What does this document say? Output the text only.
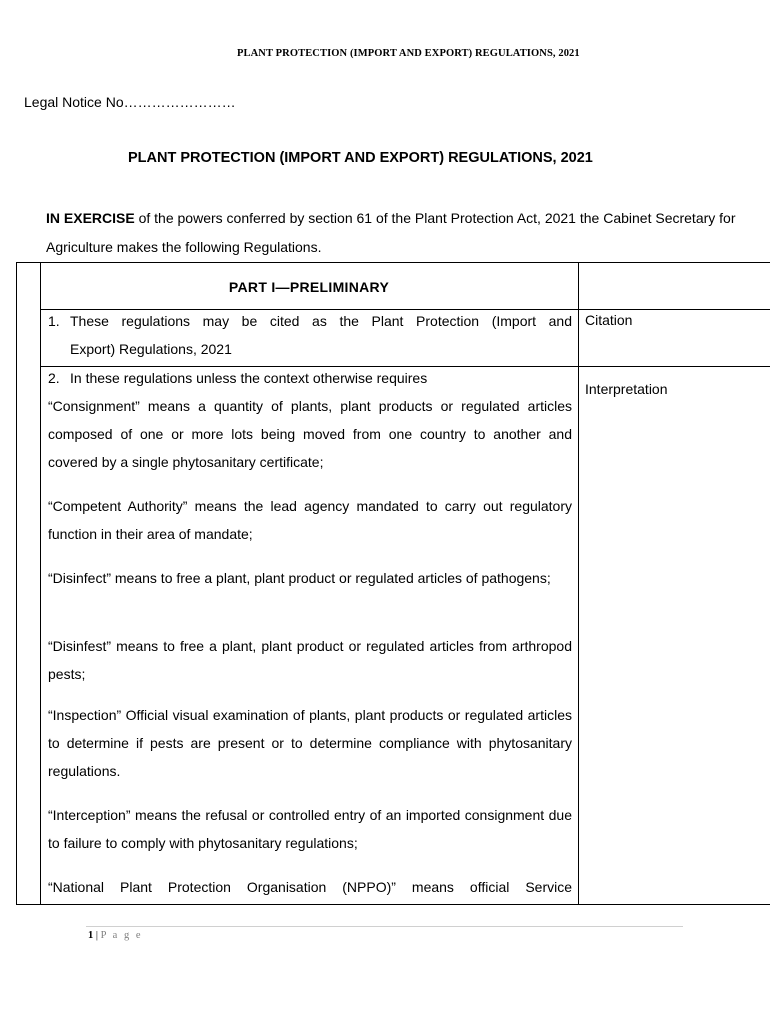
PLANT PROTECTION (IMPORT AND EXPORT) REGULATIONS, 2021
Legal Notice No……………………
PLANT PROTECTION (IMPORT AND EXPORT) REGULATIONS, 2021
IN EXERCISE of the powers conferred by section 61 of the Plant Protection Act, 2021 the Cabinet Secretary for Agriculture makes the following Regulations.
PART I—PRELIMINARY
1. These regulations may be cited as the Plant Protection (Import and
Export) Regulations, 2021
Citation
2. In these regulations unless the context otherwise requires
Interpretation
“Consignment” means a quantity of plants, plant products or regulated articles composed of one or more lots being moved from one country to another and covered by a single phytosanitary certificate;
“Competent Authority” means the lead agency mandated to carry out regulatory function in their area of mandate;
“Disinfect” means to free a plant, plant product or regulated articles of pathogens;
“Disinfest” means to free a plant, plant product or regulated articles from arthropod pests;
“Inspection” Official visual examination of plants, plant products or regulated articles to determine if pests are present or to determine compliance with phytosanitary regulations.
“Interception” means the refusal or controlled entry of an imported consignment due to failure to comply with phytosanitary regulations;
“National Plant Protection Organisation (NPPO)” means official Service
1 | P a g e
